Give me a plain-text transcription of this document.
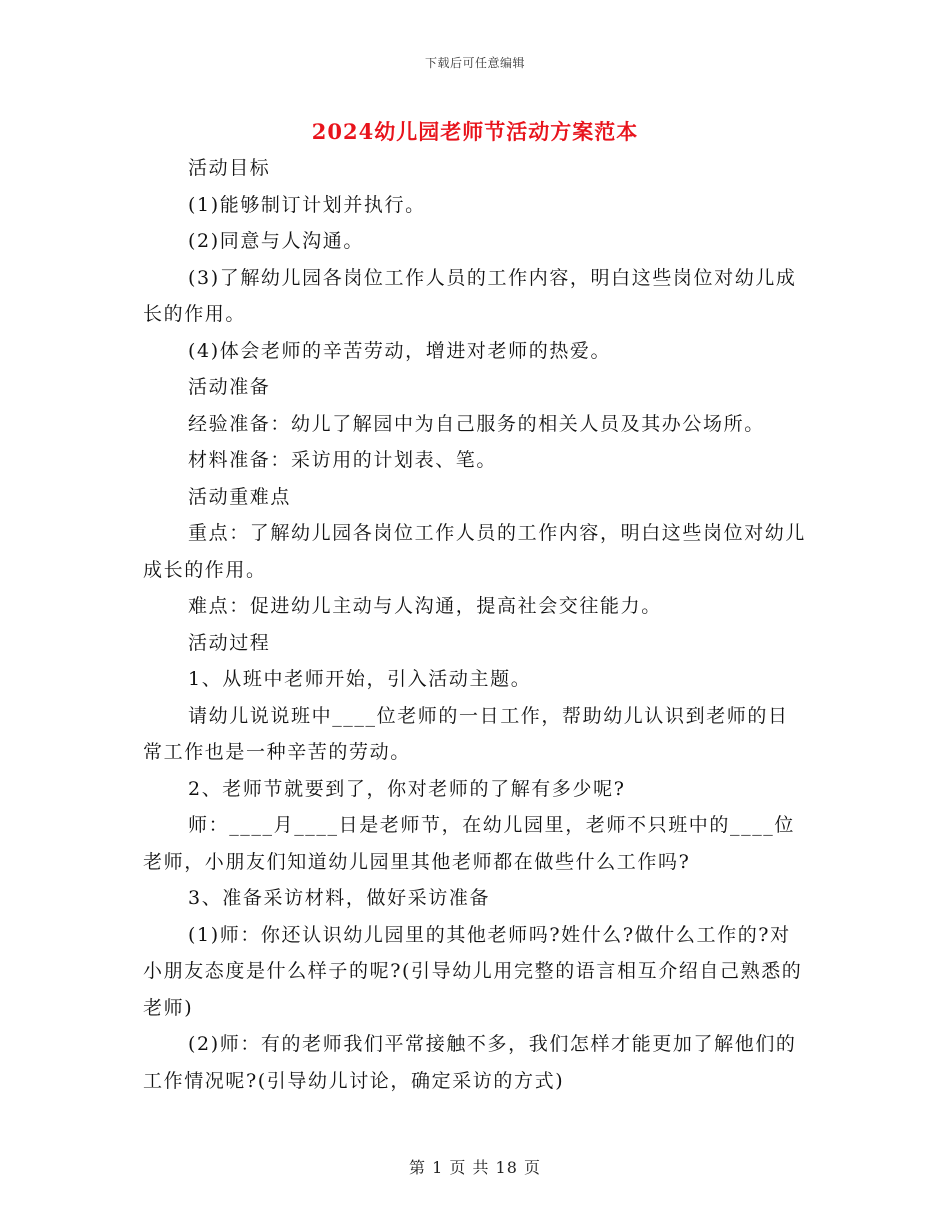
下载后可任意编辑
2024幼儿园老师节活动方案范本

活动目标

(1)能够制订计划并执行。

(2)同意与人沟通。

(3)了解幼儿园各岗位工作人员的工作内容，明白这些岗位对幼儿成长的作用。

(4)体会老师的辛苦劳动，增进对老师的热爱。

活动准备

经验准备：幼儿了解园中为自己服务的相关人员及其办公场所。

材料准备：采访用的计划表、笔。

活动重难点

重点：了解幼儿园各岗位工作人员的工作内容，明白这些岗位对幼儿成长的作用。

难点：促进幼儿主动与人沟通，提高社会交往能力。

活动过程

1、从班中老师开始，引入活动主题。

请幼儿说说班中____位老师的一日工作，帮助幼儿认识到老师的日常工作也是一种辛苦的劳动。

2、老师节就要到了，你对老师的了解有多少呢?

师：____月____日是老师节，在幼儿园里，老师不只班中的____位老师，小朋友们知道幼儿园里其他老师都在做些什么工作吗?

3、准备采访材料，做好采访准备

(1)师：你还认识幼儿园里的其他老师吗?姓什么?做什么工作的?对小朋友态度是什么样子的呢?(引导幼儿用完整的语言相互介绍自己熟悉的老师)

(2)师：有的老师我们平常接触不多，我们怎样才能更加了解他们的工作情况呢?(引导幼儿讨论，确定采访的方式)

第 1 页 共 18 页
